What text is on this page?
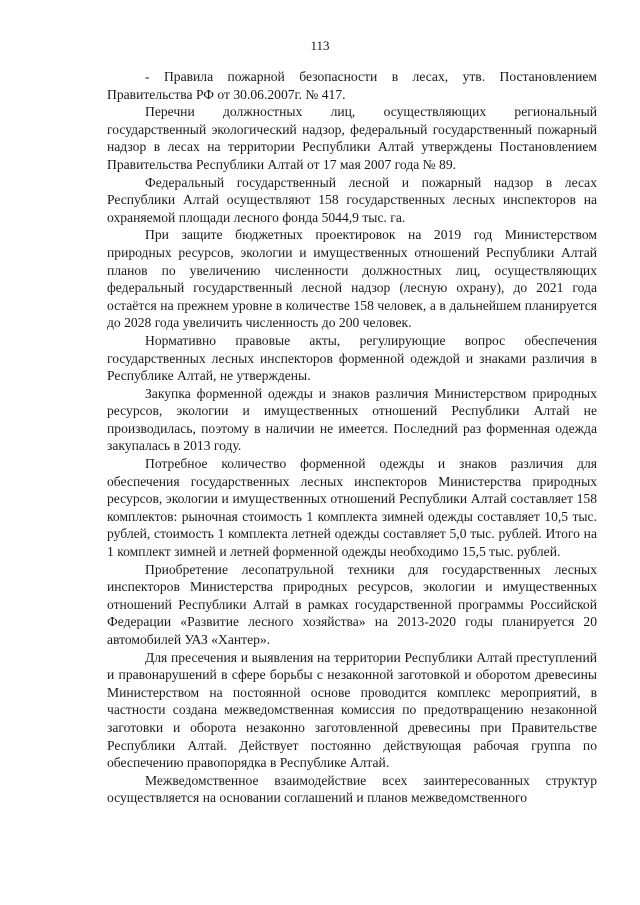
113

- Правила пожарной безопасности в лесах, утв. Постановлением Правительства РФ от 30.06.2007г. № 417.

Перечни должностных лиц, осуществляющих региональный государственный экологический надзор, федеральный государственный пожарный надзор в лесах на территории Республики Алтай утверждены Постановлением Правительства Республики Алтай от 17 мая 2007 года № 89.

Федеральный государственный лесной и пожарный надзор в лесах Республики Алтай осуществляют 158 государственных лесных инспекторов на охраняемой площади лесного фонда 5044,9 тыс. га.

При защите бюджетных проектировок на 2019 год Министерством природных ресурсов, экологии и имущественных отношений Республики Алтай планов по увеличению численности должностных лиц, осуществляющих федеральный государственный лесной надзор (лесную охрану), до 2021 года остаётся на прежнем уровне в количестве 158 человек, а в дальнейшем планируется до 2028 года увеличить численность до 200 человек.

Нормативно правовые акты, регулирующие вопрос обеспечения государственных лесных инспекторов форменной одеждой и знаками различия в Республике Алтай, не утверждены.

Закупка форменной одежды и знаков различия Министерством природных ресурсов, экологии и имущественных отношений Республики Алтай не производилась, поэтому в наличии не имеется. Последний раз форменная одежда закупалась в 2013 году.

Потребное количество форменной одежды и знаков различия для обеспечения государственных лесных инспекторов Министерства природных ресурсов, экологии и имущественных отношений Республики Алтай составляет 158 комплектов: рыночная стоимость 1 комплекта зимней одежды составляет 10,5 тыс. рублей, стоимость 1 комплекта летней одежды составляет 5,0 тыс. рублей. Итого на 1 комплект зимней и летней форменной одежды необходимо 15,5 тыс. рублей.

Приобретение лесопатрульной техники для государственных лесных инспекторов Министерства природных ресурсов, экологии и имущественных отношений Республики Алтай в рамках государственной программы Российской Федерации «Развитие лесного хозяйства» на 2013-2020 годы планируется 20 автомобилей УАЗ «Хантер».

Для пресечения и выявления на территории Республики Алтай преступлений и правонарушений в сфере борьбы с незаконной заготовкой и оборотом древесины Министерством на постоянной основе проводится комплекс мероприятий, в частности создана межведомственная комиссия по предотвращению незаконной заготовки и оборота незаконно заготовленной древесины при Правительстве Республики Алтай. Действует постоянно действующая рабочая группа по обеспечению правопорядка в Республике Алтай.

Межведомственное взаимодействие всех заинтересованных структур осуществляется на основании соглашений и планов межведомственного
